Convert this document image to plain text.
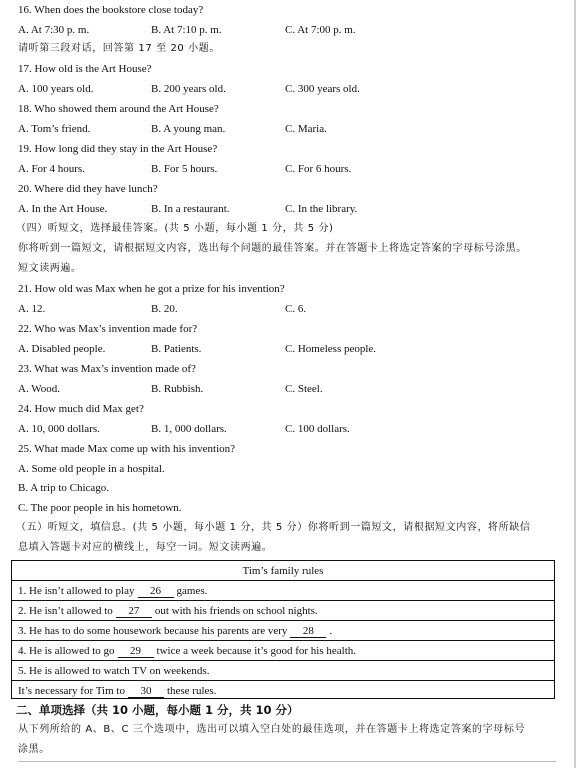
16. When does the bookstore close today?
A. At 7:30 p. m.	B. At 7:10 p. m.	C. At 7:00 p. m.
请听第三段对话，回答第 17 至 20 小题。
17. How old is the Art House?
A. 100 years old.	B. 200 years old.	C. 300 years old.
18. Who showed them around the Art House?
A. Tom’s friend.	B. A young man.	C. Maria.
19. How long did they stay in the Art House?
A. For 4 hours.	B. For 5 hours.	C. For 6 hours.
20. Where did they have lunch?
A. In the Art House.	B. In a restaurant.	C. In the library.
（四）听短文，选择最佳答案。(共 5 小题，每小题 1 分，共 5 分)
你将听到一篇短文，请根据短文内容，选出每个问题的最佳答案。并在答题卡上将选定答案的字母标号涂黑。
短文读两遍。
21. How old was Max when he got a prize for his invention?
A. 12.	B. 20.	C. 6.
22. Who was Max’s invention made for?
A. Disabled people.	B. Patients.	C. Homeless people.
23. What was Max’s invention made of?
A. Wood.	B. Rubbish.	C. Steel.
24. How much did Max get?
A. 10, 000 dollars.	B. 1, 000 dollars.	C. 100 dollars.
25. What made Max come up with his invention?
A. Some old people in a hospital.
B. A trip to Chicago.
C. The poor people in his hometown.
（五）听短文，填信息。(共 5 小题，每小题 1 分，共 5 分）你将听到一篇短文，请根据短文内容，将所缺信
息填入答题卡对应的横线上，每空一词。短文读两遍。
Tim’s family rules
1. He isn’t allowed to play 26 games.
2. He isn’t allowed to 27 out with his friends on school nights.
3. He has to do some housework because his parents are very 28 .
4. He is allowed to go 29 twice a week because it’s good for his health.
5. He is allowed to watch TV on weekends.
It’s necessary for Tim to 30 these rules.
二、单项选择（共 10 小题，每小题 1 分，共 10 分）
从下列所给的 A、B、C 三个选项中，选出可以填入空白处的最佳选项，并在答题卡上将选定答案的字母标号
涂黑。
